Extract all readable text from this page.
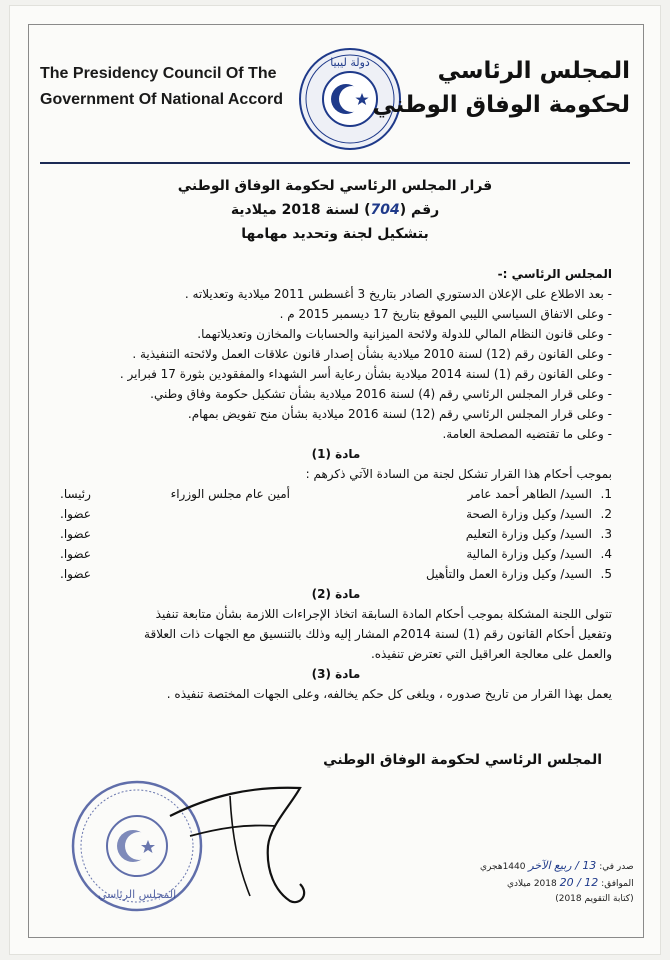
The Presidency Council Of The
Government Of National Accord
دولة ليبيا	المجلس الرئاسي
لحكومة الوفاق الوطني
قرار المجلس الرئاسي لحكومة الوفاق الوطني
رقم (704) لسنة 2018 ميلادية
بتشكيل لجنة وتحديد مهامها
المجلس الرئاسي :-
- بعد الاطلاع على الإعلان الدستوري الصادر بتاريخ 3 أغسطس 2011 ميلادية وتعديلاته .
- وعلى الاتفاق السياسي الليبي الموقع بتاريخ 17 ديسمبر 2015 م .
- وعلى قانون النظام المالي للدولة ولائحة الميزانية والحسابات والمخازن وتعديلاتهما.
- وعلى القانون رقم (12) لسنة 2010 ميلادية بشأن إصدار قانون علاقات العمل ولائحته التنفيذية .
- وعلى القانون رقم (1) لسنة 2014 ميلادية بشأن رعاية أسر الشهداء والمفقودين بثورة 17 فبراير .
- وعلى قرار المجلس الرئاسي رقم (4) لسنة 2016 ميلادية بشأن تشكيل حكومة وفاق وطني.
- وعلى قرار المجلس الرئاسي رقم (12) لسنة 2016 ميلادية بشأن منح تفويض بمهام.
- وعلى ما تقتضيه المصلحة العامة.
مادة (1)
بموجب أحكام هذا القرار تشكل لجنة من السادة الآتي ذكرهم :
1.
السيد/ الطاهر أحمد عامر
أمين عام مجلس الوزراء
رئيسا.
2.
السيد/ وكيل وزارة الصحة
عضوا.
3.
السيد/ وكيل وزارة التعليم
عضوا.
4.
السيد/ وكيل وزارة المالية
عضوا.
5.
السيد/ وكيل وزارة العمل والتأهيل
عضوا.
مادة (2)
تتولى اللجنة المشكلة بموجب أحكام المادة السابقة اتخاذ الإجراءات اللازمة بشأن متابعة تنفيذ
وتفعيل أحكام القانون رقم (1) لسنة 2014م المشار إليه وذلك بالتنسيق مع الجهات ذات العلاقة
والعمل على معالجة العراقيل التي تعترض تنفيذه.
مادة (3)
يعمل بهذا القرار من تاريخ صدوره ، ويلغى كل حكم يخالفه، وعلى الجهات المختصة تنفيذه .
المجلس الرئاسي لحكومة الوفاق الوطني
المجلس الرئاسي
صدر في: 13 / ربيع الآخر 1440هجري
الموافق: 12 / 20 2018 ميلادي
(كتابة التقويم 2018)
